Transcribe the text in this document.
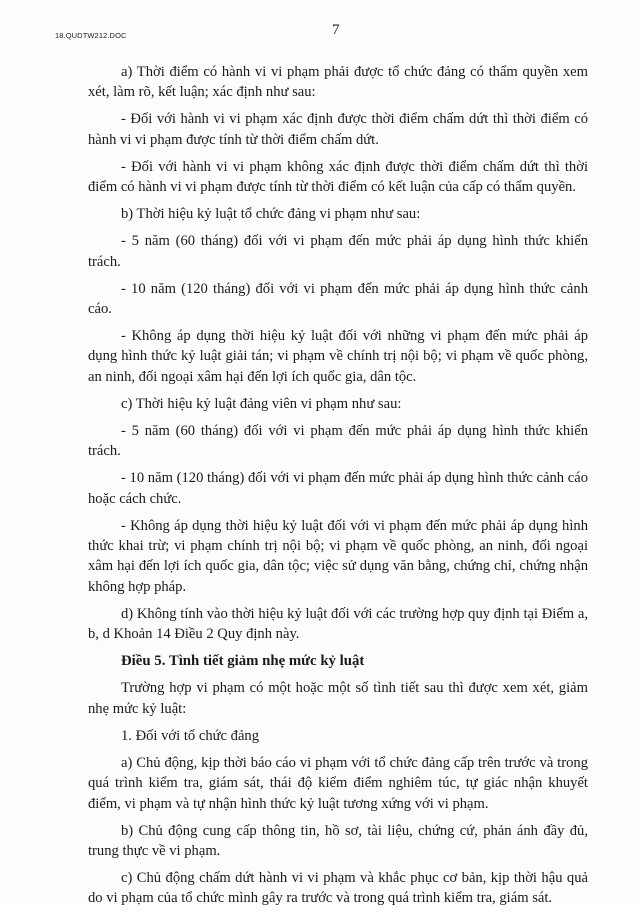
18.QUDTW212.DOC	7

a) Thời điểm có hành vi vi phạm phải được tổ chức đảng có thẩm quyền xem xét, làm rõ, kết luận; xác định như sau:

- Đối với hành vi vi phạm xác định được thời điểm chấm dứt thì thời điểm có hành vi vi phạm được tính từ thời điểm chấm dứt.

- Đối với hành vi vi phạm không xác định được thời điểm chấm dứt thì thời điểm có hành vi vi phạm được tính từ thời điểm có kết luận của cấp có thẩm quyền.

b) Thời hiệu kỷ luật tổ chức đảng vi phạm như sau:

- 5 năm (60 tháng) đối với vi phạm đến mức phải áp dụng hình thức khiển trách.

- 10 năm (120 tháng) đối với vi phạm đến mức phải áp dụng hình thức cảnh cáo.

- Không áp dụng thời hiệu kỷ luật đối với những vi phạm đến mức phải áp dụng hình thức kỷ luật giải tán; vi phạm về chính trị nội bộ; vi phạm về quốc phòng, an ninh, đối ngoại xâm hại đến lợi ích quốc gia, dân tộc.

c) Thời hiệu kỷ luật đảng viên vi phạm như sau:

- 5 năm (60 tháng) đối với vi phạm đến mức phải áp dụng hình thức khiển trách.

- 10 năm (120 tháng) đối với vi phạm đến mức phải áp dụng hình thức cảnh cáo hoặc cách chức.

- Không áp dụng thời hiệu kỷ luật đối với vi phạm đến mức phải áp dụng hình thức khai trừ; vi phạm chính trị nội bộ; vi phạm về quốc phòng, an ninh, đối ngoại xâm hại đến lợi ích quốc gia, dân tộc; việc sử dụng văn bằng, chứng chỉ, chứng nhận không hợp pháp.

d) Không tính vào thời hiệu kỷ luật đối với các trường hợp quy định tại Điểm a, b, d Khoản 14 Điều 2 Quy định này.

Điều 5. Tình tiết giảm nhẹ mức kỷ luật

Trường hợp vi phạm có một hoặc một số tình tiết sau thì được xem xét, giảm nhẹ mức kỷ luật:

1. Đối với tổ chức đảng

a) Chủ động, kịp thời báo cáo vi phạm với tổ chức đảng cấp trên trước và trong quá trình kiểm tra, giám sát, thái độ kiểm điểm nghiêm túc, tự giác nhận khuyết điểm, vi phạm và tự nhận hình thức kỷ luật tương xứng với vi phạm.

b) Chủ động cung cấp thông tin, hồ sơ, tài liệu, chứng cứ, phản ánh đầy đủ, trung thực về vi phạm.

c) Chủ động chấm dứt hành vi vi phạm và khắc phục cơ bản, kịp thời hậu quả do vi phạm của tổ chức mình gây ra trước và trong quá trình kiểm tra, giám sát.
